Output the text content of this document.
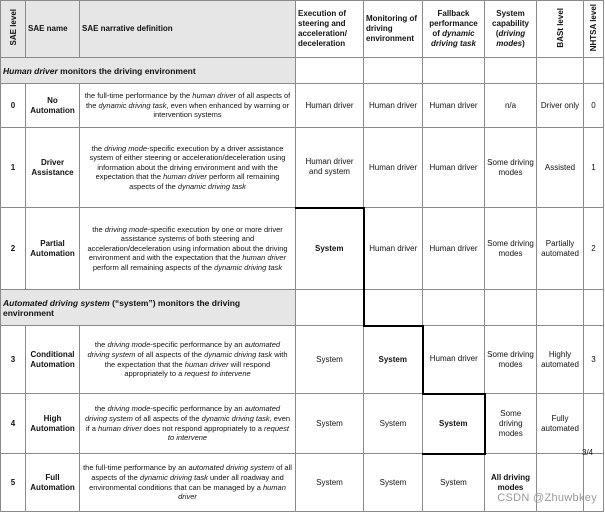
SAE level	SAE name	SAE narrative definition	Execution of steering and acceleration/ deceleration	Monitoring of driving environment	Fallback performance of dynamic driving task	System capability (driving modes)	BASt level	NHTSA level
Human driver monitors the driving environment								
0	No Automation	the full-time performance by the human driver of all aspects of the dynamic driving task, even when enhanced by warning or intervention systems	Human driver	Human driver	Human driver	n/a	Driver only	0
1	Driver Assistance	the driving mode-specific execution by a driver assistance system of either steering or acceleration/deceleration using information about the driving environment and with the expectation that the human driver perform all remaining aspects of the dynamic driving task	Human driver and system	Human driver	Human driver	Some driving modes	Assisted	1
2	Partial Automation	the driving mode-specific execution by one or more driver assistance systems of both steering and acceleration/deceleration using information about the driving environment and with the expectation that the human driver perform all remaining aspects of the dynamic driving task	System	Human driver	Human driver	Some driving modes	Partially automated	2
Automated driving system (“system”) monitors the driving environment								
3	Conditional Automation	the driving mode-specific performance by an automated driving system of all aspects of the dynamic driving task with the expectation that the human driver will respond appropriately to a request to intervene	System	System	Human driver	Some driving modes	Highly automated	3
4	High Automation	the driving mode-specific performance by an automated driving system of all aspects of the dynamic driving task, even if a human driver does not respond appropriately to a request to intervene	System	System	System	Some driving modes	Fully automated	
5	Full Automation	the full-time performance by an automated driving system of all aspects of the dynamic driving task under all roadway and environmental conditions that can be managed by a human driver	System	System	System	All driving modes		
3/4
CSDN @Zhuwbkey
